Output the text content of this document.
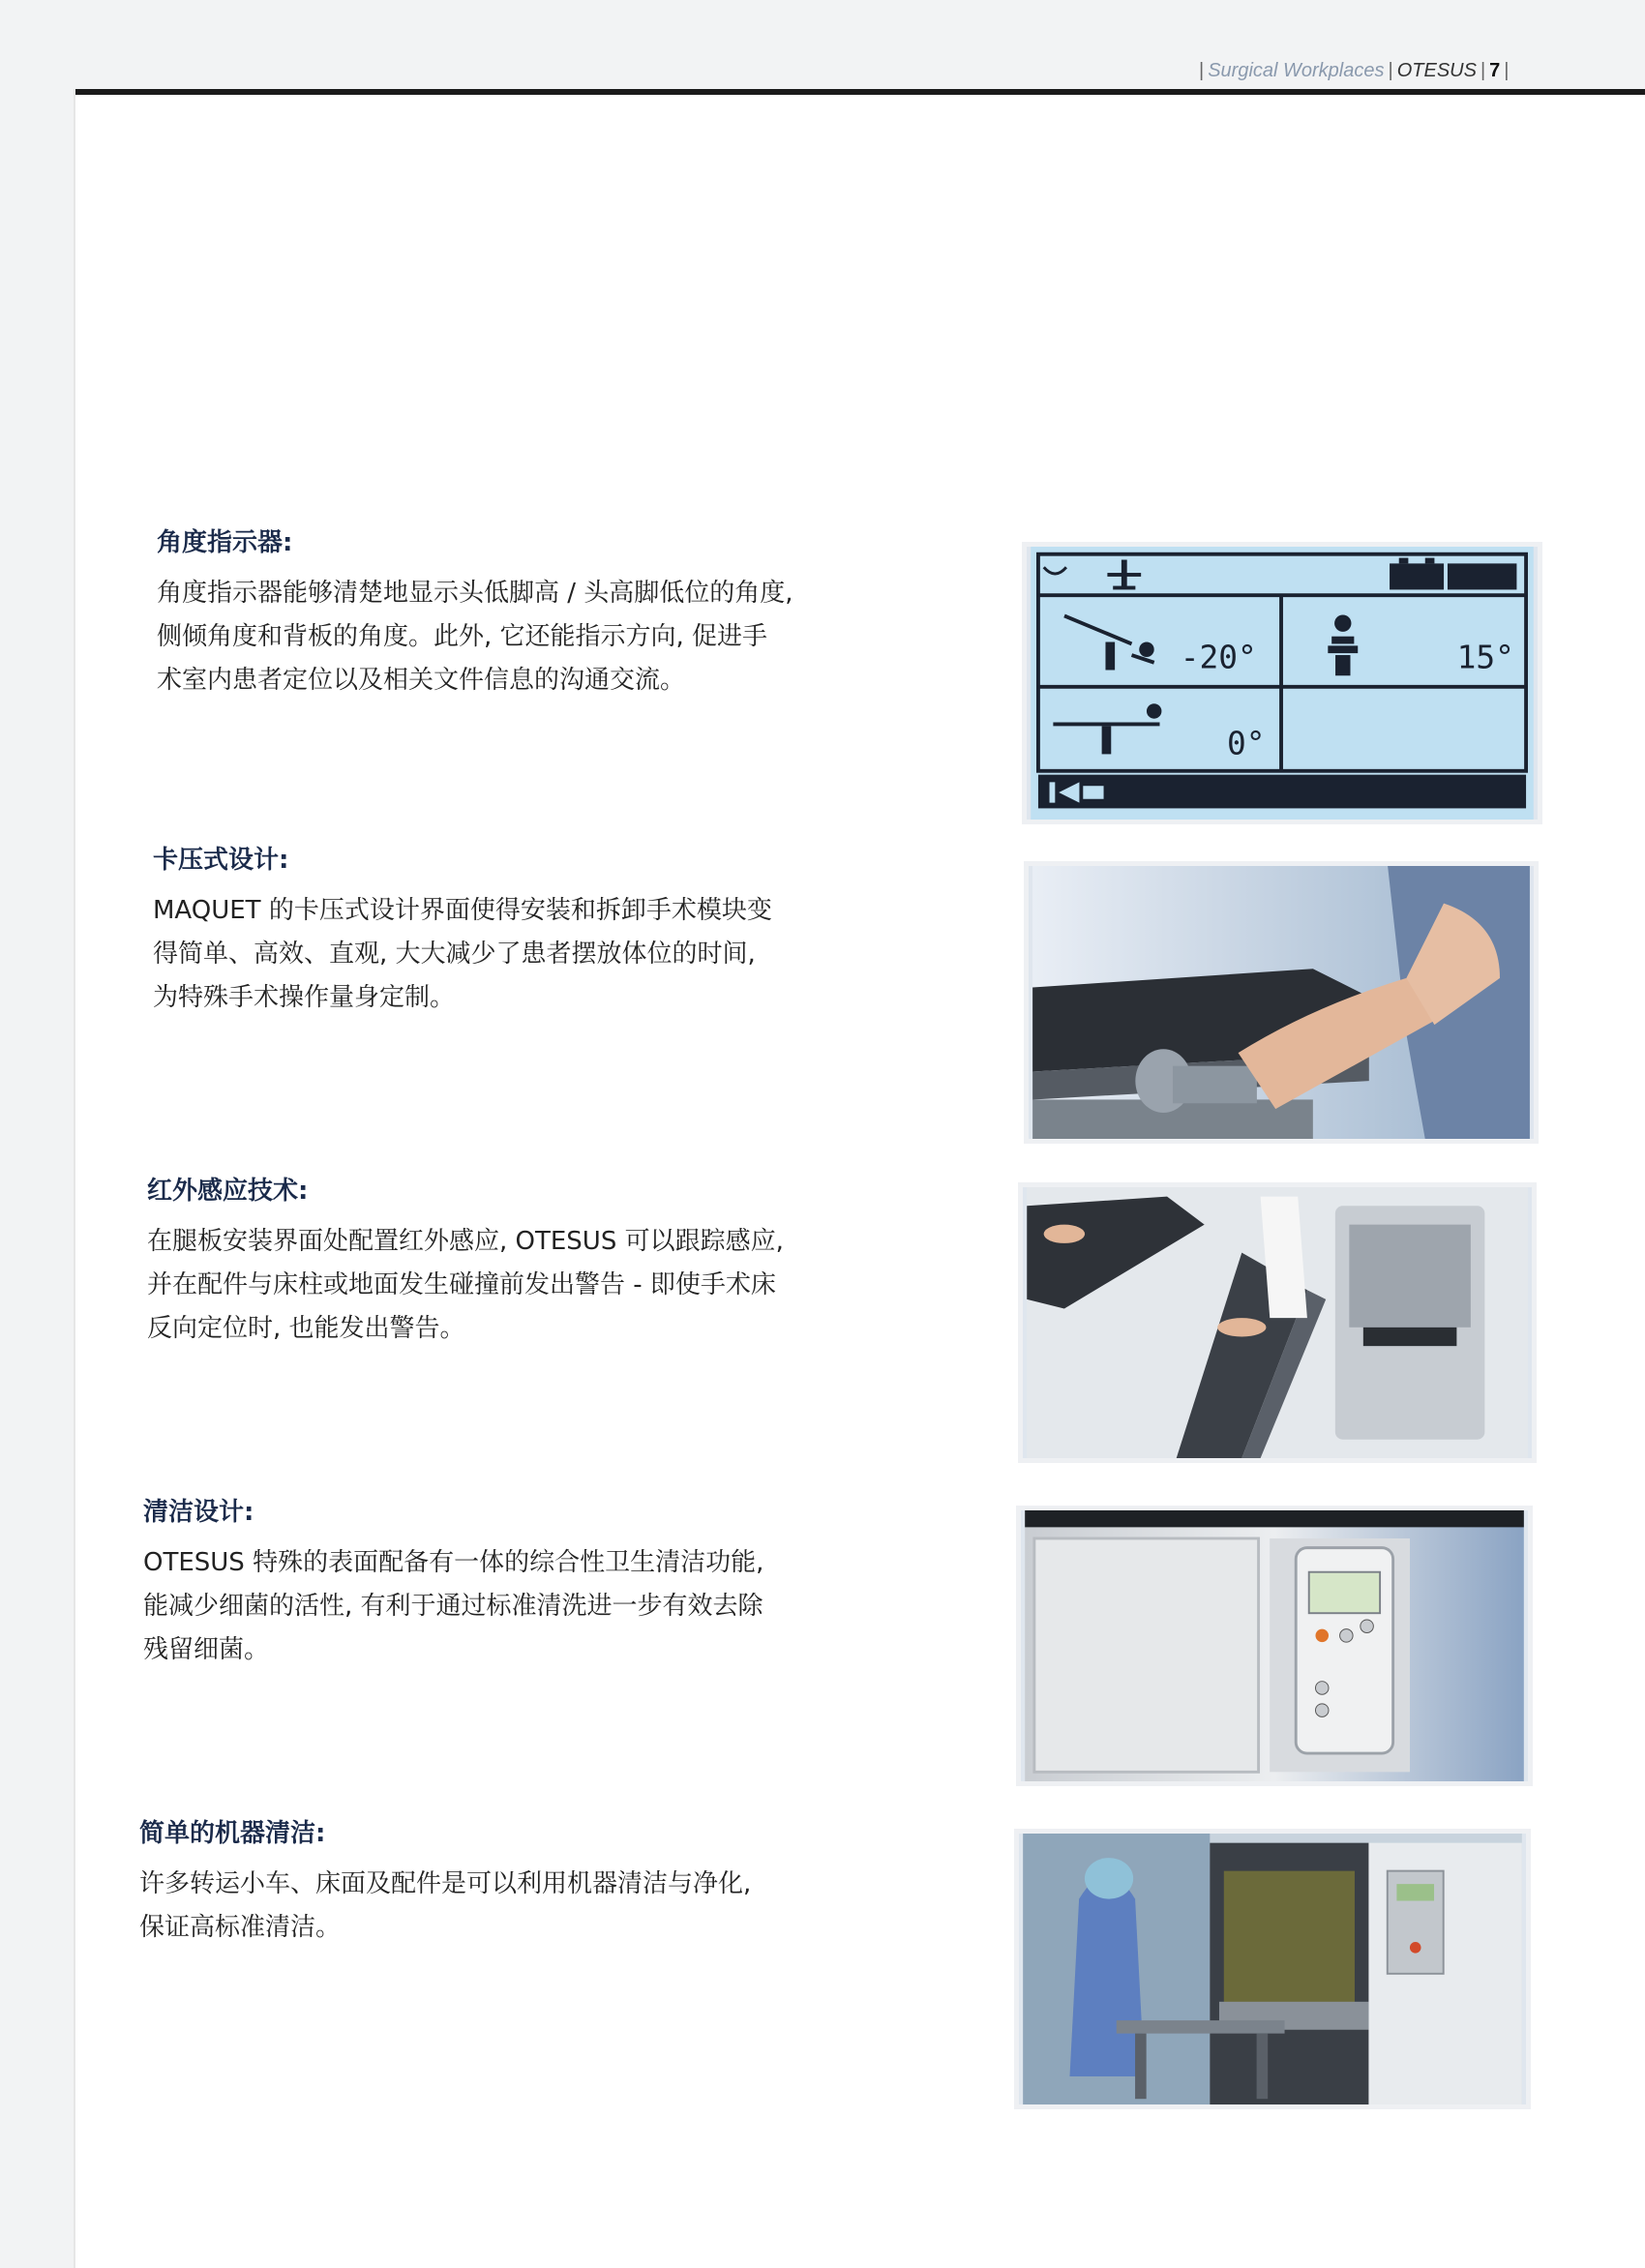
| Surgical Workplaces | OTESUS | 7 |
角度指示器:

角度指示器能够清楚地显示头低脚高 / 头高脚低位的角度,
侧倾角度和背板的角度。此外, 它还能指示方向, 促进手
术室内患者定位以及相关文件信息的沟通交流。

卡压式设计:

MAQUET 的卡压式设计界面使得安装和拆卸手术模块变
得简单、高效、直观, 大大减少了患者摆放体位的时间,
为特殊手术操作量身定制。

红外感应技术:

在腿板安装界面处配置红外感应, OTESUS 可以跟踪感应,
并在配件与床柱或地面发生碰撞前发出警告 - 即使手术床
反向定位时, 也能发出警告。

清洁设计:

OTESUS 特殊的表面配备有一体的综合性卫生清洁功能,
能减少细菌的活性, 有利于通过标准清洗进一步有效去除
残留细菌。

简单的机器清洁:

许多转运小车、床面及配件是可以利用机器清洁与净化,
保证高标准清洁。

-20°	15°
0°
